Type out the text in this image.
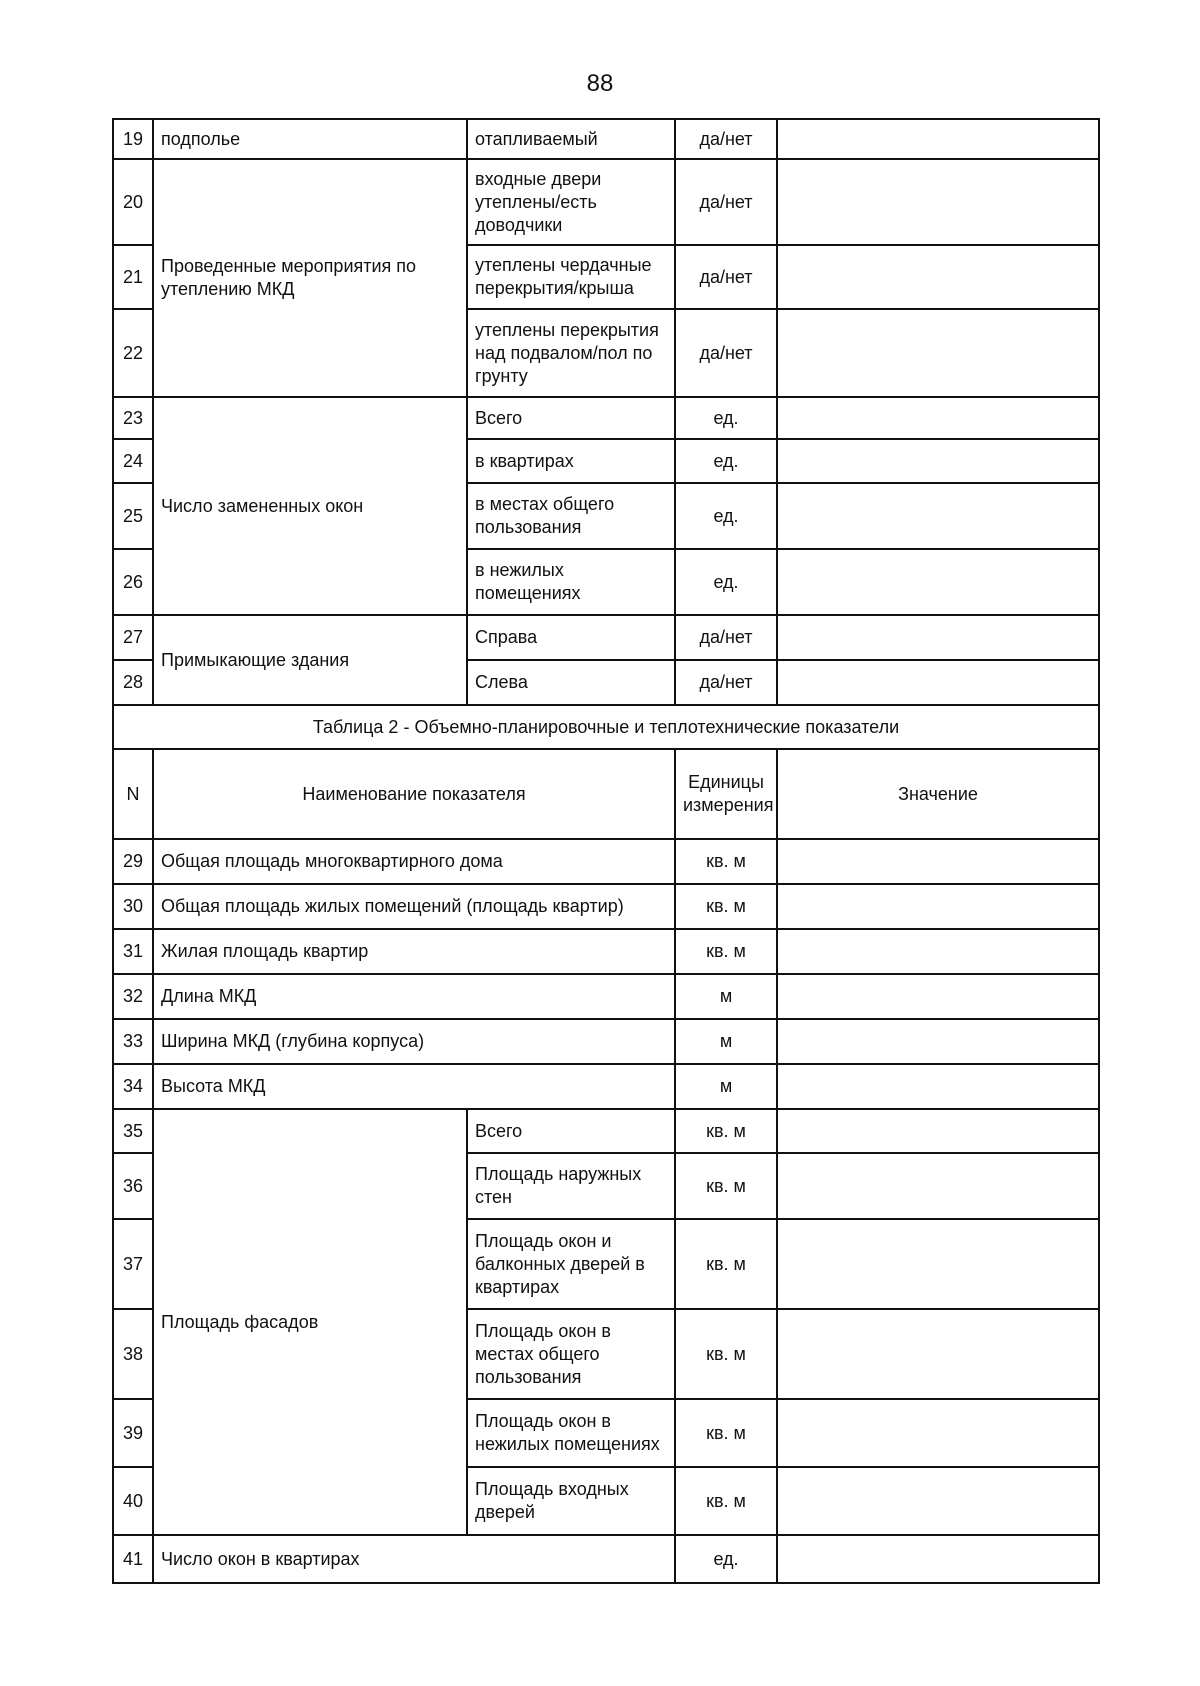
88
19	подполье	отапливаемый	да/нет	
20	Проведенные мероприятия по утеплению МКД	входные двери утеплены/есть доводчики	да/нет	
21		утеплены чердачные перекрытия/крыша	да/нет	
22		утеплены перекрытия над подвалом/пол по грунту	да/нет	
23	Число замененных окон	Всего	ед.	
24		в квартирах	ед.	
25		в местах общего пользования	ед.	
26		в нежилых помещениях	ед.	
27	Примыкающие здания	Справа	да/нет	
28		Слева	да/нет	
Таблица 2 - Объемно-планировочные и теплотехнические показатели				
N	Наименование показателя		Единицы измерения	Значение
29	Общая площадь многоквартирного дома		кв. м	
30	Общая площадь жилых помещений (площадь квартир)		кв. м	
31	Жилая площадь квартир		кв. м	
32	Длина МКД		м	
33	Ширина МКД (глубина корпуса)		м	
34	Высота МКД		м	
35	Площадь фасадов	Всего	кв. м	
36		Площадь наружных стен	кв. м	
37		Площадь окон и балконных дверей в квартирах	кв. м	
38		Площадь окон в местах общего пользования	кв. м	
39		Площадь окон в нежилых помещениях	кв. м	
40		Площадь входных дверей	кв. м	
41	Число окон в квартирах		ед.	
